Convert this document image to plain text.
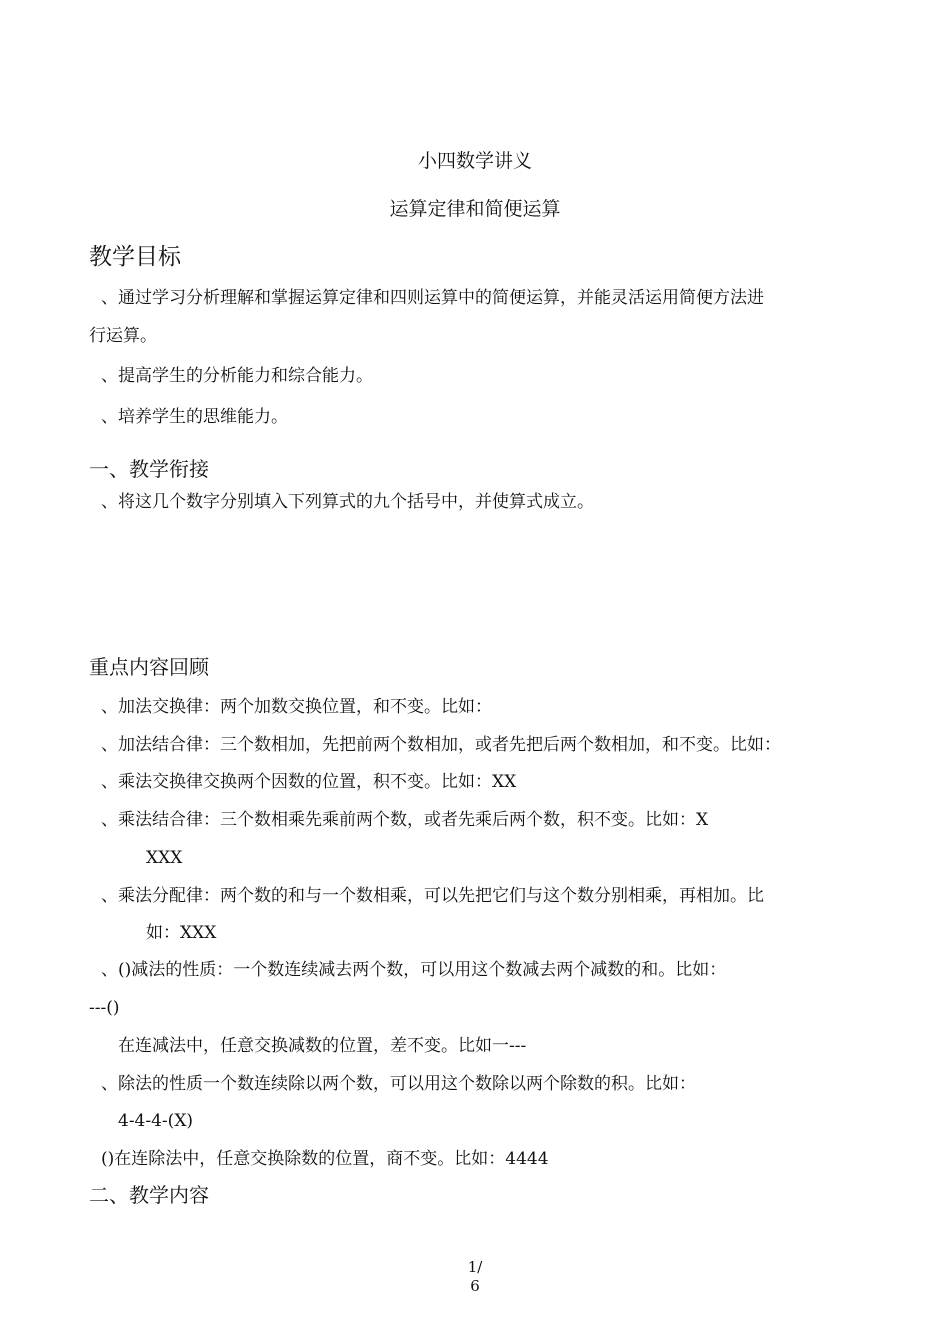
小四数学讲义
运算定律和简便运算
教学目标
、通过学习分析理解和掌握运算定律和四则运算中的简便运算，并能灵活运用简便方法进
行运算。
、提高学生的分析能力和综合能力。
、培养学生的思维能力。
一、教学衔接
、将这几个数字分别填入下列算式的九个括号中，并使算式成立。
重点内容回顾
、加法交换律：两个加数交换位置，和不变。比如：
、加法结合律：三个数相加，先把前两个数相加，或者先把后两个数相加，和不变。比如：
、乘法交换律交换两个因数的位置，积不变。比如：XX
、乘法结合律：三个数相乘先乘前两个数，或者先乘后两个数，积不变。比如：X
XXX
、乘法分配律：两个数的和与一个数相乘，可以先把它们与这个数分别相乘，再相加。比
如：XXX
、()减法的性质：一个数连续减去两个数，可以用这个数减去两个减数的和。比如：
---()
在连减法中，任意交换减数的位置，差不变。比如一---
、除法的性质一个数连续除以两个数，可以用这个数除以两个除数的积。比如：
4-4-4-(X)
()在连除法中，任意交换除数的位置，商不变。比如：4444
二、教学内容
1/
6
